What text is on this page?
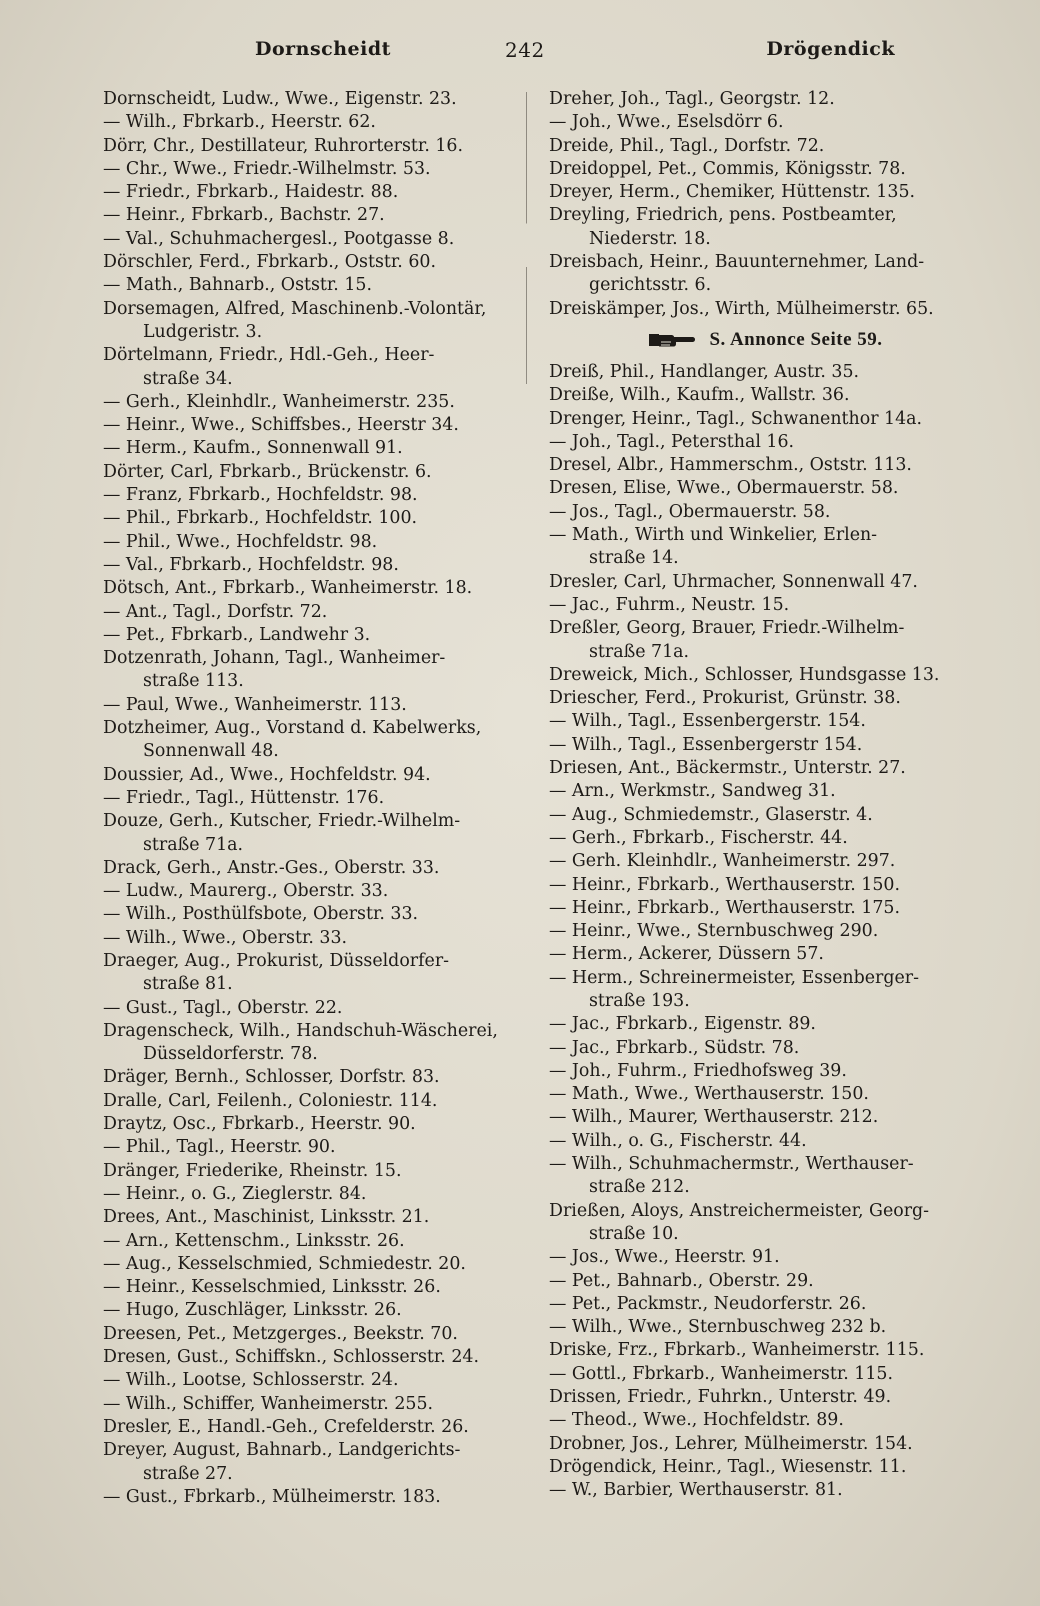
Dornscheidt	242	Drögendick
Dornscheidt, Ludw., Wwe., Eigenstr. 23.
— Wilh., Fbrkarb., Heerstr. 62.
Dörr, Chr., Destillateur, Ruhrorterstr. 16.
— Chr., Wwe., Friedr.-Wilhelmstr. 53.
— Friedr., Fbrkarb., Haidestr. 88.
— Heinr., Fbrkarb., Bachstr. 27.
— Val., Schuhmachergesl., Pootgasse 8.
Dörschler, Ferd., Fbrkarb., Oststr. 60.
— Math., Bahnarb., Oststr. 15.
Dorsemagen, Alfred, Maschinenb.-Volontär,
Ludgeristr. 3.
Dörtelmann, Friedr., Hdl.-Geh., Heer-
straße 34.
— Gerh., Kleinhdlr., Wanheimerstr. 235.
— Heinr., Wwe., Schiffsbes., Heerstr 34.
— Herm., Kaufm., Sonnenwall 91.
Dörter, Carl, Fbrkarb., Brückenstr. 6.
— Franz, Fbrkarb., Hochfeldstr. 98.
— Phil., Fbrkarb., Hochfeldstr. 100.
— Phil., Wwe., Hochfeldstr. 98.
— Val., Fbrkarb., Hochfeldstr. 98.
Dötsch, Ant., Fbrkarb., Wanheimerstr. 18.
— Ant., Tagl., Dorfstr. 72.
— Pet., Fbrkarb., Landwehr 3.
Dotzenrath, Johann, Tagl., Wanheimer-
straße 113.
— Paul, Wwe., Wanheimerstr. 113.
Dotzheimer, Aug., Vorstand d. Kabelwerks,
Sonnenwall 48.
Doussier, Ad., Wwe., Hochfeldstr. 94.
— Friedr., Tagl., Hüttenstr. 176.
Douze, Gerh., Kutscher, Friedr.-Wilhelm-
straße 71a.
Drack, Gerh., Anstr.-Ges., Oberstr. 33.
— Ludw., Maurerg., Oberstr. 33.
— Wilh., Posthülfsbote, Oberstr. 33.
— Wilh., Wwe., Oberstr. 33.
Draeger, Aug., Prokurist, Düsseldorfer-
straße 81.
— Gust., Tagl., Oberstr. 22.
Dragenscheck, Wilh., Handschuh-Wäscherei,
Düsseldorferstr. 78.
Dräger, Bernh., Schlosser, Dorfstr. 83.
Dralle, Carl, Feilenh., Coloniestr. 114.
Draytz, Osc., Fbrkarb., Heerstr. 90.
— Phil., Tagl., Heerstr. 90.
Dränger, Friederike, Rheinstr. 15.
— Heinr., o. G., Zieglerstr. 84.
Drees, Ant., Maschinist, Linksstr. 21.
— Arn., Kettenschm., Linksstr. 26.
— Aug., Kesselschmied, Schmiedestr. 20.
— Heinr., Kesselschmied, Linksstr. 26.
— Hugo, Zuschläger, Linksstr. 26.
Dreesen, Pet., Metzgerges., Beekstr. 70.
Dresen, Gust., Schiffskn., Schlosserstr. 24.
— Wilh., Lootse, Schlosserstr. 24.
— Wilh., Schiffer, Wanheimerstr. 255.
Dresler, E., Handl.-Geh., Crefelderstr. 26.
Dreyer, August, Bahnarb., Landgerichts-
straße 27.
— Gust., Fbrkarb., Mülheimerstr. 183.
Dreher, Joh., Tagl., Georgstr. 12.
— Joh., Wwe., Eselsdörr 6.
Dreide, Phil., Tagl., Dorfstr. 72.
Dreidoppel, Pet., Commis, Königsstr. 78.
Dreyer, Herm., Chemiker, Hüttenstr. 135.
Dreyling, Friedrich, pens. Postbeamter,
Niederstr. 18.
Dreisbach, Heinr., Bauunternehmer, Land-
gerichtsstr. 6.
Dreiskämper, Jos., Wirth, Mülheimerstr. 65.
S. Annonce Seite 59.
Dreiß, Phil., Handlanger, Austr. 35.
Dreiße, Wilh., Kaufm., Wallstr. 36.
Drenger, Heinr., Tagl., Schwanenthor 14a.
— Joh., Tagl., Petersthal 16.
Dresel, Albr., Hammerschm., Oststr. 113.
Dresen, Elise, Wwe., Obermauerstr. 58.
— Jos., Tagl., Obermauerstr. 58.
— Math., Wirth und Winkelier, Erlen-
straße 14.
Dresler, Carl, Uhrmacher, Sonnenwall 47.
— Jac., Fuhrm., Neustr. 15.
Dreßler, Georg, Brauer, Friedr.-Wilhelm-
straße 71a.
Dreweick, Mich., Schlosser, Hundsgasse 13.
Driescher, Ferd., Prokurist, Grünstr. 38.
— Wilh., Tagl., Essenbergerstr. 154.
— Wilh., Tagl., Essenbergerstr 154.
Driesen, Ant., Bäckermstr., Unterstr. 27.
— Arn., Werkmstr., Sandweg 31.
— Aug., Schmiedemstr., Glaserstr. 4.
— Gerh., Fbrkarb., Fischerstr. 44.
— Gerh. Kleinhdlr., Wanheimerstr. 297.
— Heinr., Fbrkarb., Werthauserstr. 150.
— Heinr., Fbrkarb., Werthauserstr. 175.
— Heinr., Wwe., Sternbuschweg 290.
— Herm., Ackerer, Düssern 57.
— Herm., Schreinermeister, Essenberger-
straße 193.
— Jac., Fbrkarb., Eigenstr. 89.
— Jac., Fbrkarb., Südstr. 78.
— Joh., Fuhrm., Friedhofsweg 39.
— Math., Wwe., Werthauserstr. 150.
— Wilh., Maurer, Werthauserstr. 212.
— Wilh., o. G., Fischerstr. 44.
— Wilh., Schuhmachermstr., Werthauser-
straße 212.
Drießen, Aloys, Anstreichermeister, Georg-
straße 10.
— Jos., Wwe., Heerstr. 91.
— Pet., Bahnarb., Oberstr. 29.
— Pet., Packmstr., Neudorferstr. 26.
— Wilh., Wwe., Sternbuschweg 232 b.
Driske, Frz., Fbrkarb., Wanheimerstr. 115.
— Gottl., Fbrkarb., Wanheimerstr. 115.
Drissen, Friedr., Fuhrkn., Unterstr. 49.
— Theod., Wwe., Hochfeldstr. 89.
Drobner, Jos., Lehrer, Mülheimerstr. 154.
Drögendick, Heinr., Tagl., Wiesenstr. 11.
— W., Barbier, Werthauserstr. 81.
